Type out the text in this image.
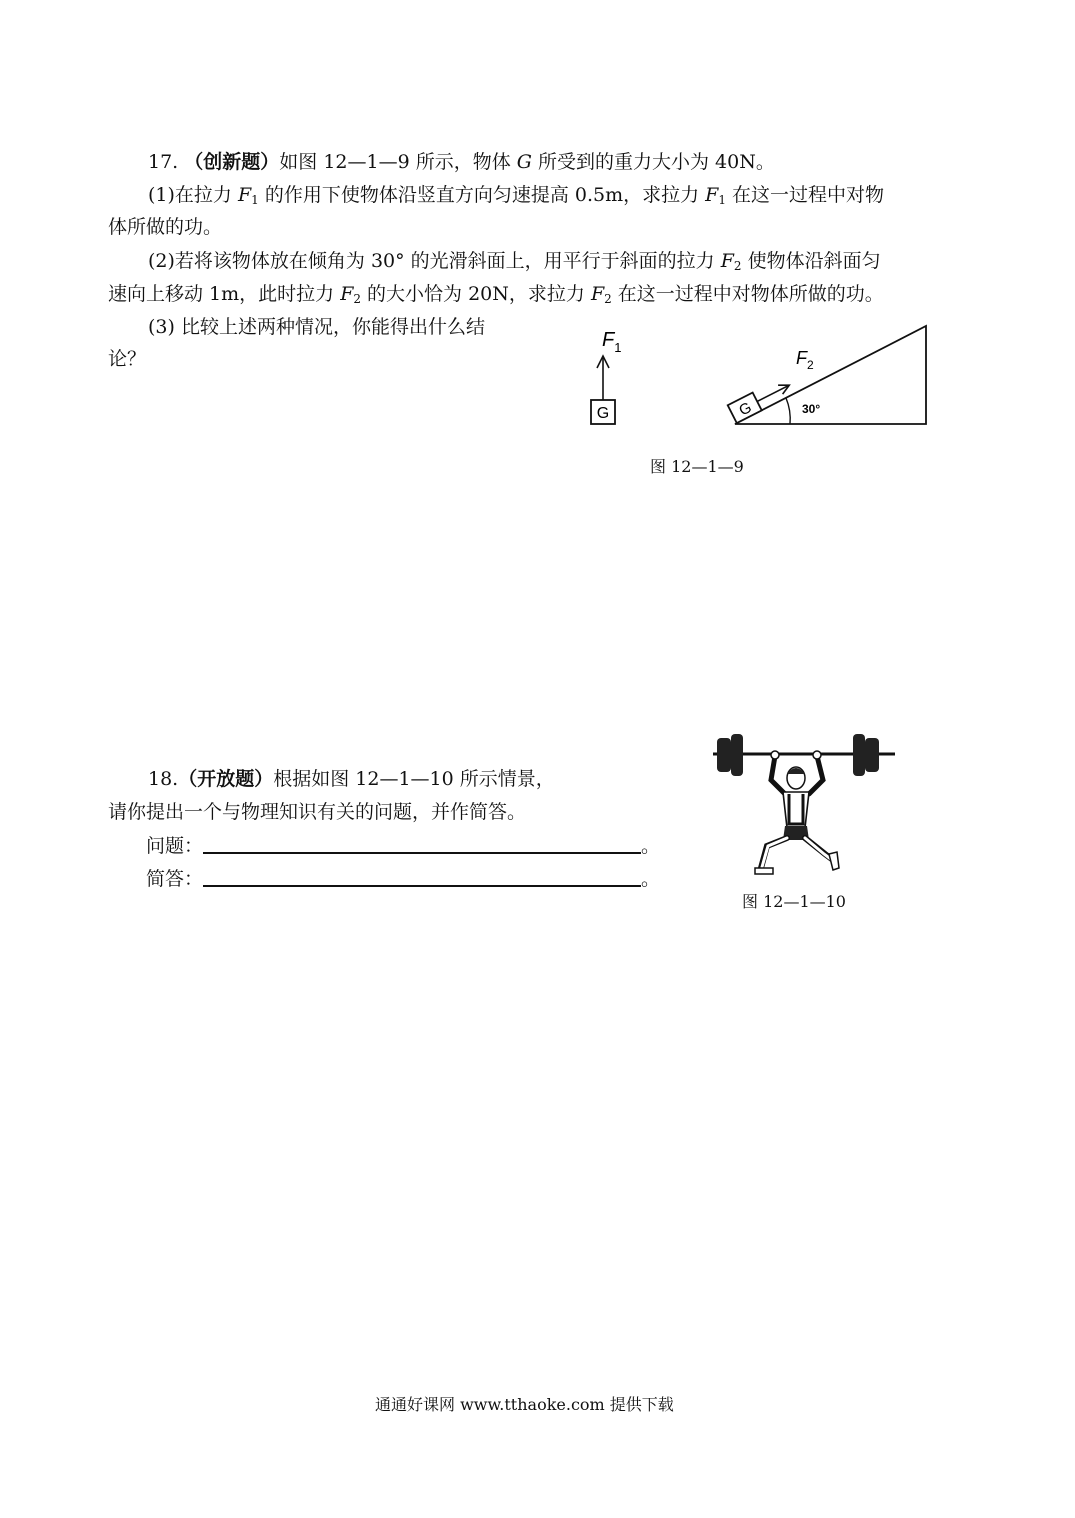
17. （创新题）如图 12—1—9 所示，物体 G 所受到的重力大小为 40N。
(1)在拉力 $F_1$ 的作用下使物体沿竖直方向匀速提高 0.5m，求拉力 $F_1$ 在这一过程中对物
体所做的功。
(2)若将该物体放在倾角为 30° 的光滑斜面上，用平行于斜面的拉力 $F_2$ 使物体沿斜面匀
速向上移动 1m，此时拉力 $F_2$ 的大小恰为 20N，求拉力 $F_2$ 在这一过程中对物体所做的功。
(3) 比较上述两种情况，你能得出什么结
论？
$F_1$
G	G
$F_2$
30°
图 12—1—9
18.（开放题）根据如图 12—1—10 所示情景，
请你提出一个与物理知识有关的问题，并作简答。
问题：	。
简答：	。
图 12—1—10
通通好课网 www.tthaoke.com 提供下载
